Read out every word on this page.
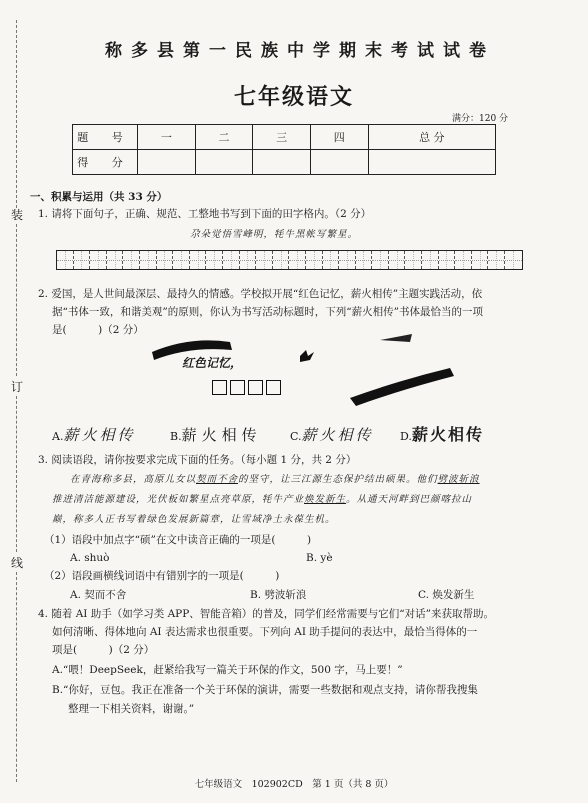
称多县第一民族中学期末考试试卷
七年级语文
满分：120 分
题 号	一	二	三	四	总 分
得 分					
装
订
线
一、积累与运用（共 33 分）
1. 请将下面句子，正确、规范、工整地书写到下面的田字格内。（2 分）
尕朵觉悟雪峰明，牦牛黑帐写繁星。
2. 爱国，是人世间最深层、最持久的情感。学校拟开展“红色记忆，薪火相传”主题实践活动，依
据“书体一致，和谐美观”的原则，你认为书写活动标题时，下列“薪火相传”书体最恰当的一项
是(　　　)（2 分）
红色记忆，
A.薪火相传	B.薪火相传	C.薪火相传 D.薪火相传
3. 阅读语段，请你按要求完成下面的任务。（每小题 1 分，共 2 分）
在青海称多县，高原儿女以契而不舍的坚守，让三江源生态保护结出硕果。他们劈波斩浪
推进清洁能源建设，光伏板如繁星点亮草原，牦牛产业焕发新生。从通天河畔到巴颜喀拉山
巅，称多人正书写着绿色发展新篇章，让雪域净土永葆生机。
（1）语段中加点字“硕”在文中读音正确的一项是(　　　)
A. shuò	B. yè
（2）语段画横线词语中有错别字的一项是(　　　)
A. 契而不舍	B. 劈波斩浪	C. 焕发新生
4. 随着 AI 助手（如学习类 APP、智能音箱）的普及，同学们经常需要与它们“对话”来获取帮助。
如何清晰、得体地向 AI 表达需求也很重要。下列向 AI 助手提问的表达中，最恰当得体的一
项是(　　　)（2 分）
A.“喂！DeepSeek，赶紧给我写一篇关于环保的作文，500 字，马上要！”
B.“你好，豆包。我正在准备一个关于环保的演讲，需要一些数据和观点支持，请你帮我搜集
整理一下相关资料，谢谢。”
七年级语文　102902CD　第 1 页（共 8 页）
